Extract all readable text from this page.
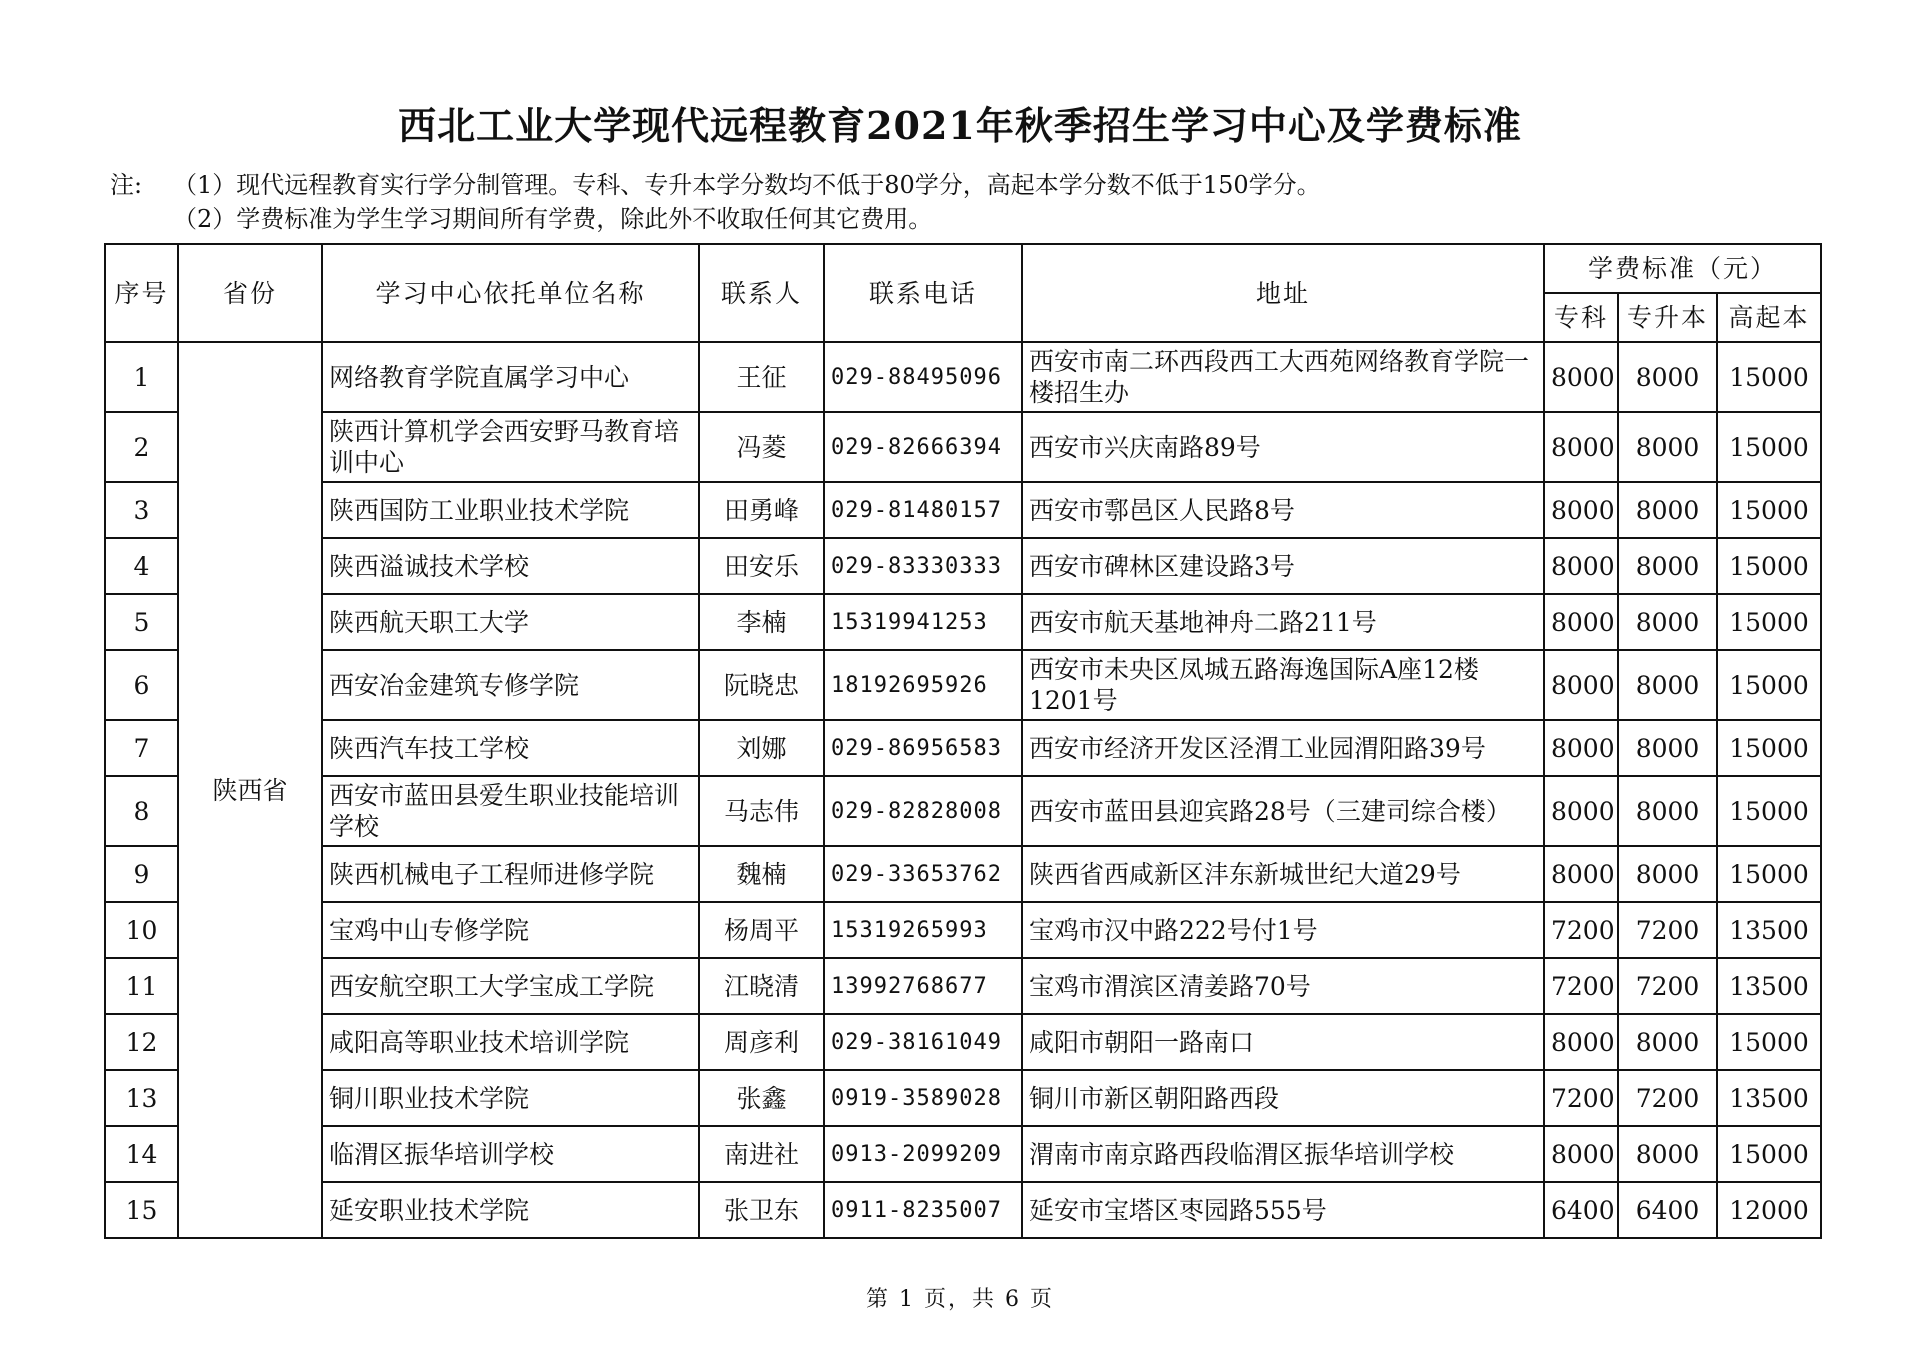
西北工业大学现代远程教育2021年秋季招生学习中心及学费标准
注: （1）现代远程教育实行学分制管理。专科、专升本学分数均不低于80学分，高起本学分数不低于150学分。
（2）学费标准为学生学习期间所有学费，除此外不收取任何其它费用。
序号	省份	学习中心依托单位名称	联系人	联系电话	地址	学费标准（元）		
						专科	专升本	高起本
1	陕西省	网络教育学院直属学习中心	王征	029-88495096	西安市南二环西段西工大西苑网络教育学院一楼招生办	8000	8000	15000
2		陕西计算机学会西安野马教育培训中心	冯菱	029-82666394	西安市兴庆南路89号	8000	8000	15000
3		陕西国防工业职业技术学院	田勇峰	029-81480157	西安市鄠邑区人民路8号	8000	8000	15000
4		陕西溢诚技术学校	田安乐	029-83330333	西安市碑林区建设路3号	8000	8000	15000
5		陕西航天职工大学	李楠	15319941253	西安市航天基地神舟二路211号	8000	8000	15000
6		西安冶金建筑专修学院	阮晓忠	18192695926	西安市未央区凤城五路海逸国际A座12楼1201号	8000	8000	15000
7		陕西汽车技工学校	刘娜	029-86956583	西安市经济开发区泾渭工业园渭阳路39号	8000	8000	15000
8		西安市蓝田县爱生职业技能培训学校	马志伟	029-82828008	西安市蓝田县迎宾路28号（三建司综合楼）	8000	8000	15000
9		陕西机械电子工程师进修学院	魏楠	029-33653762	陕西省西咸新区沣东新城世纪大道29号	8000	8000	15000
10		宝鸡中山专修学院	杨周平	15319265993	宝鸡市汉中路222号付1号	7200	7200	13500
11		西安航空职工大学宝成工学院	江晓清	13992768677	宝鸡市渭滨区清姜路70号	7200	7200	13500
12		咸阳高等职业技术培训学院	周彦利	029-38161049	咸阳市朝阳一路南口	8000	8000	15000
13		铜川职业技术学院	张鑫	0919-3589028	铜川市新区朝阳路西段	7200	7200	13500
14		临渭区振华培训学校	南进社	0913-2099209	渭南市南京路西段临渭区振华培训学校	8000	8000	15000
15		延安职业技术学院	张卫东	0911-8235007	延安市宝塔区枣园路555号	6400	6400	12000
第 1 页，共 6 页
